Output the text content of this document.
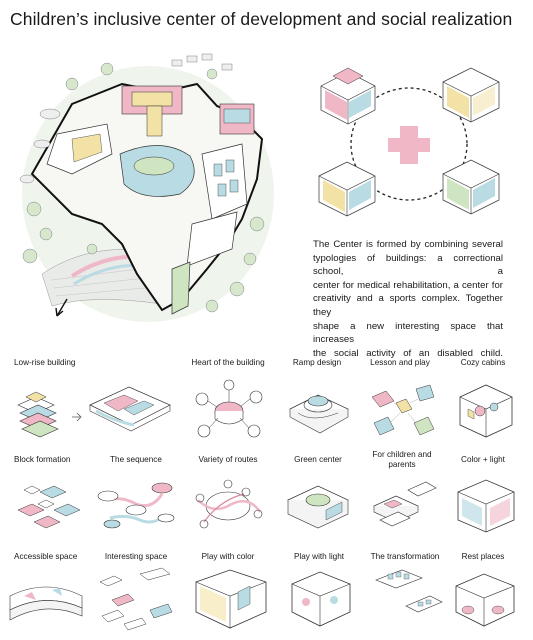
Children’s inclusive center of development and social realization
The Center is formed by combining several
typologies of buildings: a correctional school, a
center for medical rehabilitation, a center for
creativity and a sports complex. Together they
shape a new interesting space that increases
the social activity of an disabled child.
Low-rise building	Heart of the building	Ramp design	Lesson and play	Cozy cabins
Block formation	The sequence	Variety of routes	Green center
For children and parents
Color + light
Accessible space	Interesting space	Play with color	Play with light	The transformation	Rest places
